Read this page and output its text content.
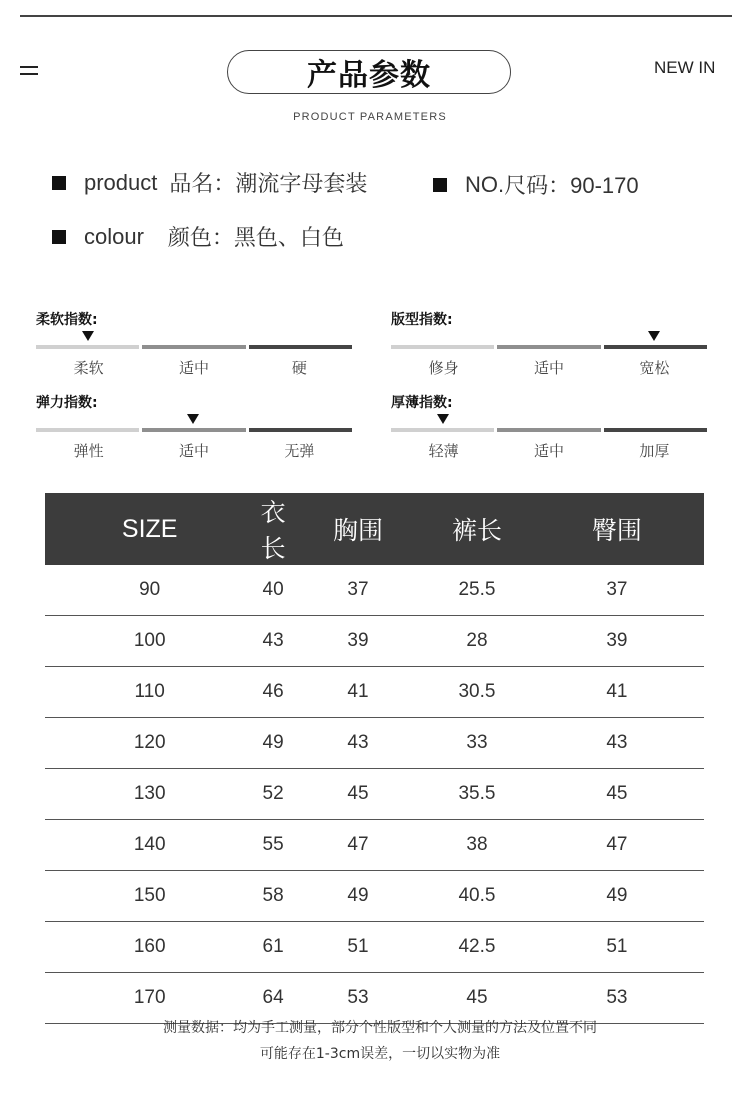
产品参数	NEW IN
PRODUCT PARAMETERS
product 品名：潮流字母套装	NO. 尺码：90-170
colour 颜色：黑色、白色
柔软指数:
柔软	适中	硬
版型指数:
修身	适中	宽松
弹力指数:
弹性	适中	无弹
厚薄指数:
轻薄	适中	加厚
SIZE	衣长	胸围	裤长	臀围
90	40	37	25.5	37
100	43	39	28	39
110	46	41	30.5	41
120	49	43	33	43
130	52	45	35.5	45
140	55	47	38	47
150	58	49	40.5	49
160	61	51	42.5	51
170	64	53	45	53
测量数据：均为手工测量，部分个性版型和个人测量的方法及位置不同
可能存在1-3cm误差，一切以实物为准
